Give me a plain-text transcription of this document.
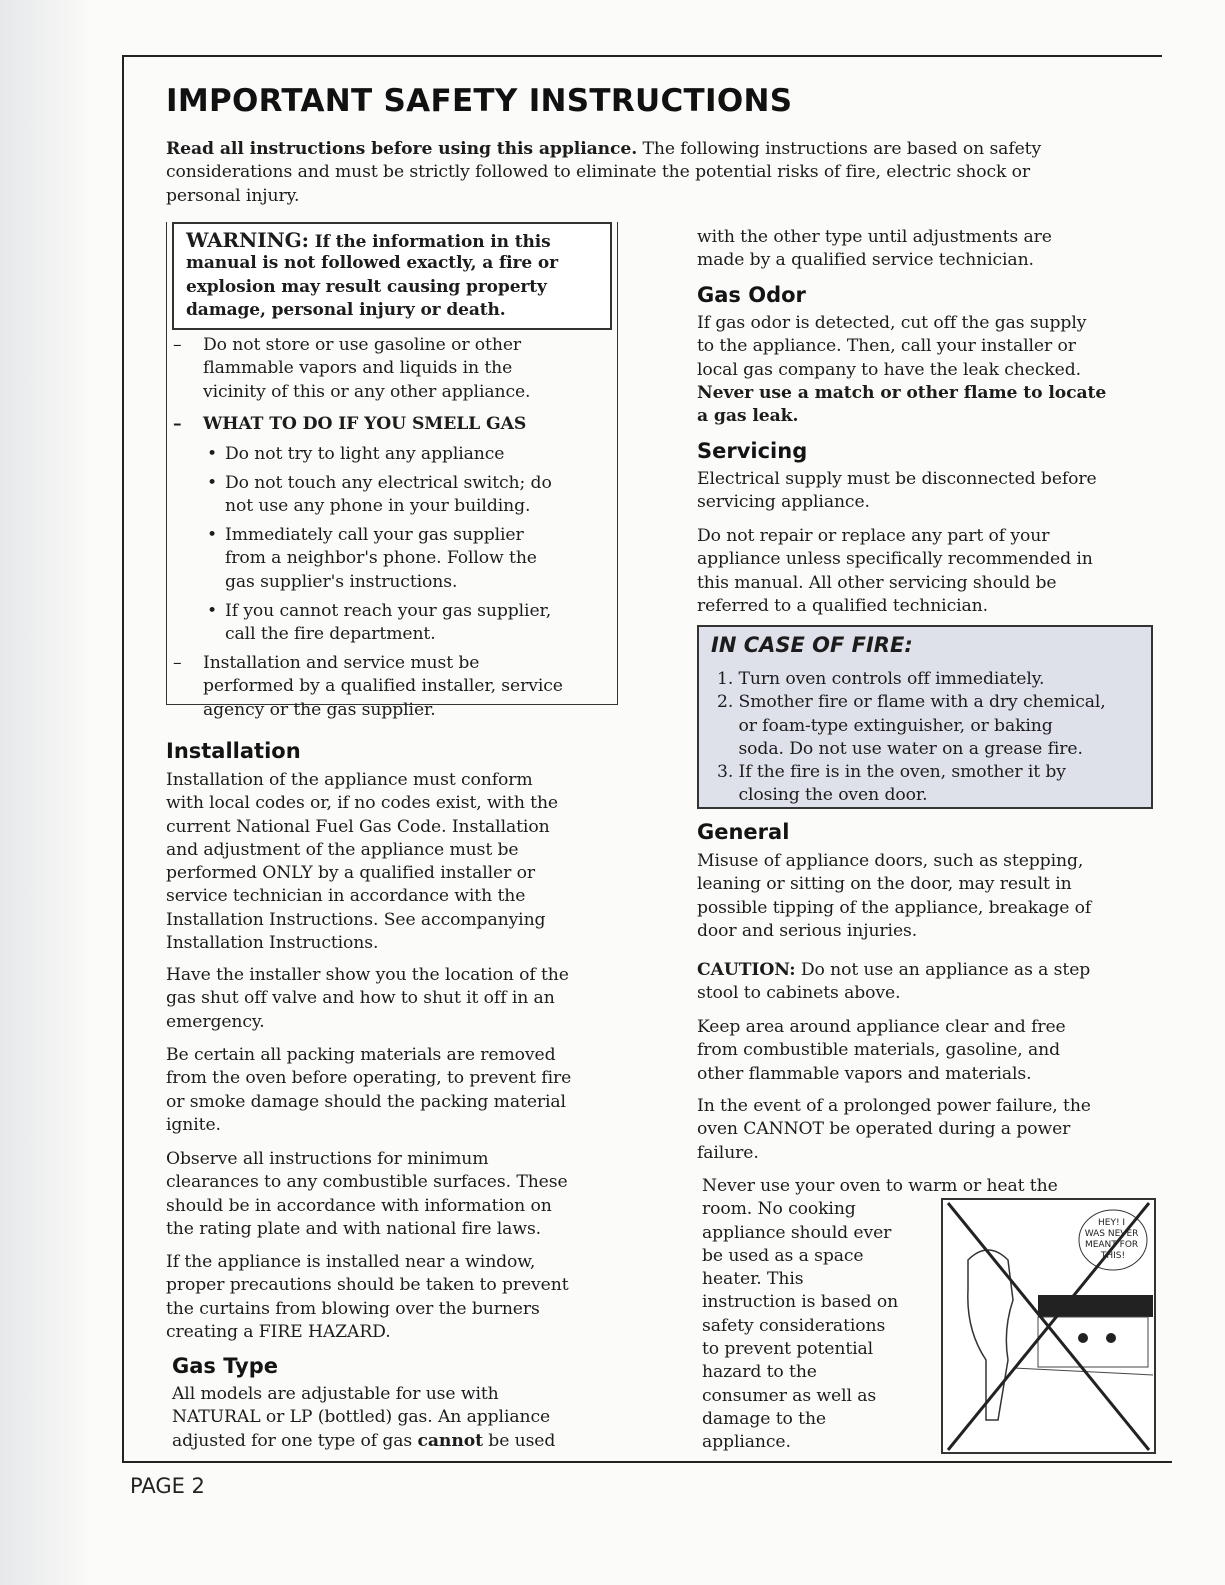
IMPORTANT SAFETY INSTRUCTIONS
Read all instructions before using this appliance. The following instructions are based on safety
considerations and must be strictly followed to eliminate the potential risks of fire, electric shock or
personal injury.
– Do not store or use gasoline or other
flammable vapors and liquids in the
vicinity of this or any other appliance.
– WHAT TO DO IF YOU SMELL GAS
• Do not try to light any appliance
• Do not touch any electrical switch; do
not use any phone in your building.
• Immediately call your gas supplier
from a neighbor's phone. Follow the
gas supplier's instructions.
• If you cannot reach your gas supplier,
call the fire department.
– Installation and service must be
performed by a qualified installer, service
agency or the gas supplier.
WARNING: If the information in this
manual is not followed exactly, a fire or
explosion may result causing property
damage, personal injury or death.
Installation
Installation of the appliance must conform
with local codes or, if no codes exist, with the
current National Fuel Gas Code. Installation
and adjustment of the appliance must be
performed ONLY by a qualified installer or
service technician in accordance with the
Installation Instructions. See accompanying
Installation Instructions.
Have the installer show you the location of the
gas shut off valve and how to shut it off in an
emergency.
Be certain all packing materials are removed
from the oven before operating, to prevent fire
or smoke damage should the packing material
ignite.
Observe all instructions for minimum
clearances to any combustible surfaces. These
should be in accordance with information on
the rating plate and with national fire laws.
If the appliance is installed near a window,
proper precautions should be taken to prevent
the curtains from blowing over the burners
creating a FIRE HAZARD.
Gas Type
All models are adjustable for use with
NATURAL or LP (bottled) gas. An appliance
adjusted for one type of gas cannot be used
with the other type until adjustments are
made by a qualified service technician.
Gas Odor
If gas odor is detected, cut off the gas supply
to the appliance. Then, call your installer or
local gas company to have the leak checked.
Never use a match or other flame to locate
a gas leak.
Servicing
Electrical supply must be disconnected before
servicing appliance.
Do not repair or replace any part of your
appliance unless specifically recommended in
this manual. All other servicing should be
referred to a qualified technician.
IN CASE OF FIRE:
1. Turn oven controls off immediately.
2. Smother fire or flame with a dry chemical,
or foam-type extinguisher, or baking
soda. Do not use water on a grease fire.
3. If the fire is in the oven, smother it by
closing the oven door.
General
Misuse of appliance doors, such as stepping,
leaning or sitting on the door, may result in
possible tipping of the appliance, breakage of
door and serious injuries.
CAUTION: Do not use an appliance as a step
stool to cabinets above.
Keep area around appliance clear and free
from combustible materials, gasoline, and
other flammable vapors and materials.
In the event of a prolonged power failure, the
oven CANNOT be operated during a power
failure.
Never use your oven to warm or heat the
room. No cooking
appliance should ever
be used as a space
heater. This
instruction is based on
safety considerations
to prevent potential
hazard to the
consumer as well as
damage to the
appliance.
HEY! I WAS NEVER MEANT FOR THIS!
PAGE 2
